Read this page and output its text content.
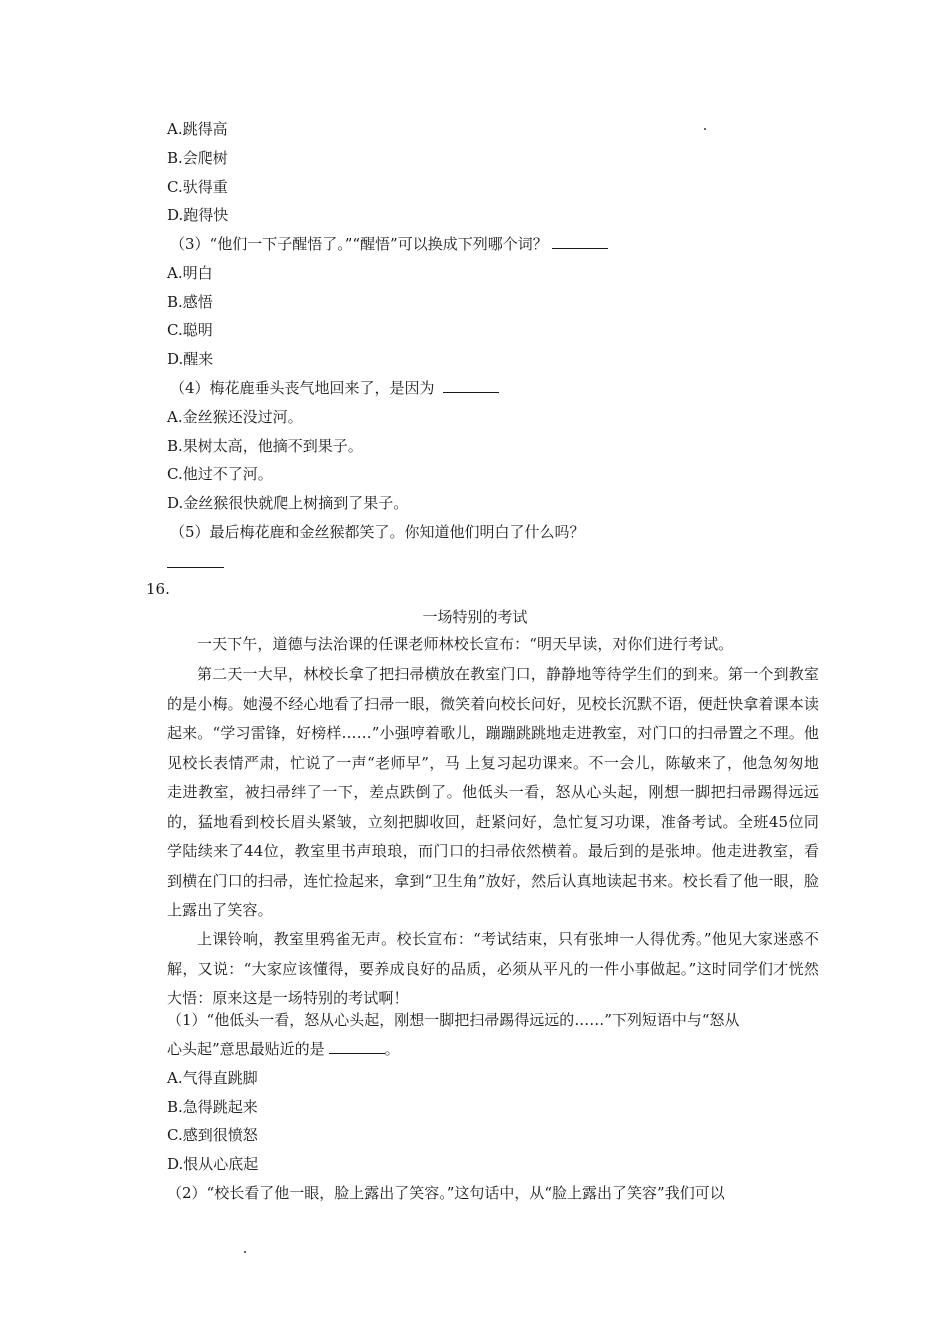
A.跳得高
B.会爬树
C.驮得重
D.跑得快
（3）“他们一下子醒悟了。”“醒悟”可以换成下列哪个词？
A.明白
B.感悟
C.聪明
D.醒来
（4）梅花鹿垂头丧气地回来了，是因为
A.金丝猴还没过河。
B.果树太高，他摘不到果子。
C.他过不了河。
D.金丝猴很快就爬上树摘到了果子。
（5）最后梅花鹿和金丝猴都笑了。你知道他们明白了什么吗？
16.
一场特别的考试
一天下午，道德与法治课的任课老师林校长宣布：“明天早读，对你们进行考试。
第二天一大早，林校长拿了把扫帚横放在教室门口，静静地等待学生们的到来。第一个到教室的是小梅。她漫不经心地看了扫帚一眼，微笑着向校长问好，见校长沉默不语，便赶快拿着课本读起来。“学习雷锋，好榜样……”小强哼着歌儿，蹦蹦跳跳地走进教室，对门口的扫帚置之不理。他见校长表情严肃，忙说了一声“老师早”，马 上复习起功课来。不一会儿，陈敏来了，他急匆匆地走进教室，被扫帚绊了一下，差点跌倒了。他低头一看，怒从心头起，刚想一脚把扫帚踢得远远的，猛地看到校长眉头紧皱，立刻把脚收回，赶紧问好，急忙复习功课，准备考试。全班45位同学陆续来了44位，教室里书声琅琅，而门口的扫帚依然横着。最后到的是张坤。他走进教室，看到横在门口的扫帚，连忙捡起来，拿到“卫生角”放好，然后认真地读起书来。校长看了他一眼，脸上露出了笑容。
上课铃响，教室里鸦雀无声。校长宣布：“考试结束，只有张坤一人得优秀。”他见大家迷惑不解，又说：“大家应该懂得，要养成良好的品质，必须从平凡的一件小事做起。”这时同学们才恍然大悟：原来这是一场特别的考试啊！
（1）“他低头一看，怒从心头起，刚想一脚把扫帚踢得远远的……”下列短语中与“怒从
心头起”意思最贴近的是	。
A.气得直跳脚
B.急得跳起来
C.感到很愤怒
D.恨从心底起
（2）“校长看了他一眼，脸上露出了笑容。”这句话中，从“脸上露出了笑容”我们可以
